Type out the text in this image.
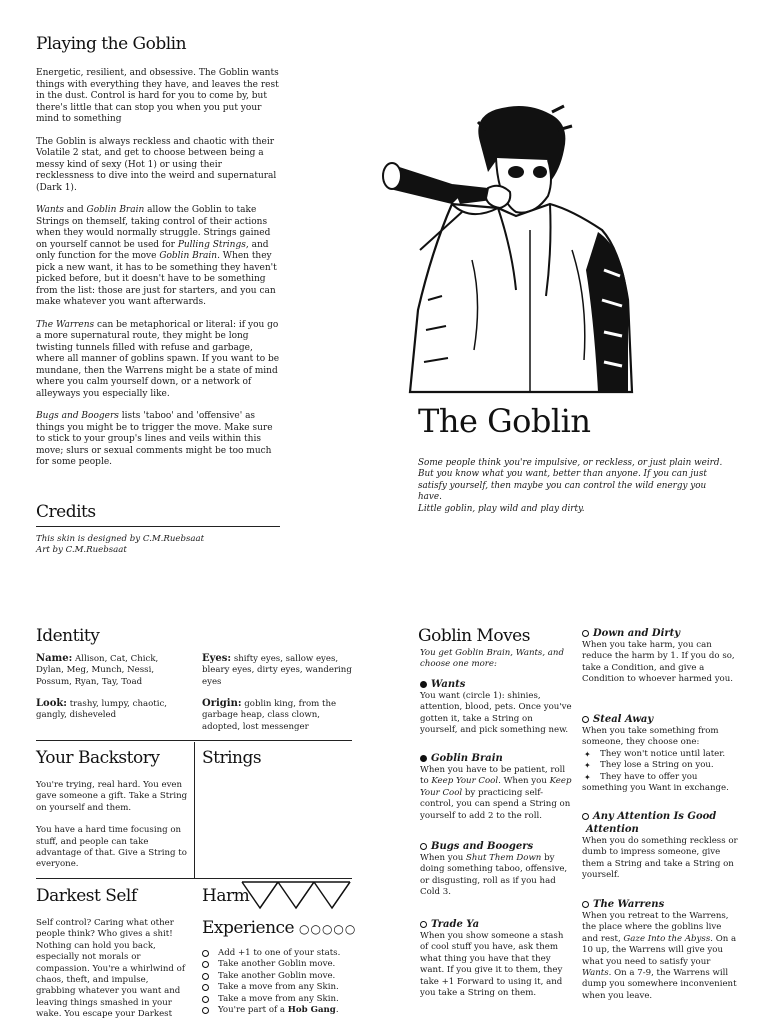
Playing the Goblin

Energetic, resilient, and obsessive. The Goblin wants things with everything they have, and leaves the rest in the dust. Control is hard for you to come by, but there's little that can stop you when you put your mind to something

The Goblin is always reckless and chaotic with their Volatile 2 stat, and get to choose between being a messy kind of sexy (Hot 1) or using their recklessness to dive into the weird and supernatural (Dark 1).

Wants and Goblin Brain allow the Goblin to take Strings on themself, taking control of their actions when they would normally struggle. Strings gained on yourself cannot be used for Pulling Strings, and only function for the move Goblin Brain. When they pick a new want, it has to be something they haven't picked before, but it doesn't have to be something from the list: those are just for starters, and you can make whatever you want afterwards.

The Warrens can be metaphorical or literal: if you go a more supernatural route, they might be long twisting tunnels filled with refuse and garbage, where all manner of goblins spawn. If you want to be mundane, then the Warrens might be a state of mind where you calm yourself down, or a network of alleyways you especially like.

Bugs and Boogers lists 'taboo' and 'offensive' as things you might be to trigger the move. Make sure to stick to your group's lines and veils within this move; slurs or sexual comments might be too much for some people.

Credits

This skin is designed by C.M.Ruebsaat

Art by C.M.Ruebsaat

The Goblin
Some people think you're impulsive, or reckless, or just plain weird. But you know what you want, better than anyone. If you can just satisfy yourself, then maybe you can control the wild energy you have.
Little goblin, play wild and play dirty.
Identity
Name: Allison, Cat, Chick, Dylan, Meg, Munch, Nessi, Possum, Ryan, Tay, Toad
Eyes: shifty eyes, sallow eyes, bleary eyes, dirty eyes, wandering eyes
Look: trashy, lumpy, chaotic, gangly, disheveled
Origin: goblin king, from the garbage heap, class clown, adopted, lost messenger
Your Backstory

You're trying, real hard. You even gave someone a gift. Take a String on yourself and them.

You have a hard time focusing on stuff, and people can take advantage of that. Give a String to everyone.

Strings
Darkest Self
Self control? Caring what other people think? Who gives a shit! Nothing can hold you back, especially not morals or compassion. You're a whirlwind of chaos, theft, and impulse, grabbing whatever you want and leaving things smashed in your wake. You escape your Darkest
Harm
Experience ○○○○○
Add +1 to one of your stats.
Take another Goblin move.
Take another Goblin move.
Take a move from any Skin.
Take a move from any Skin.
You're part of a Hob Gang.
Goblin Moves
You get Goblin Brain, Wants, and choose one more:
Wants
You want (circle 1): shinies, attention, blood, pets. Once you've gotten it, take a String on yourself, and pick something new.
Goblin Brain
When you have to be patient, roll to Keep Your Cool. When you Keep Your Cool by practicing self-control, you can spend a String on yourself to add 2 to the roll.
Bugs and Boogers
When you Shut Them Down by doing something taboo, offensive, or disgusting, roll as if you had Cold 3.
Trade Ya
When you show someone a stash of cool stuff you have, ask them what thing you have that they want. If you give it to them, they take +1 Forward to using it, and you take a String on them.
Down and Dirty
When you take harm, you can reduce the harm by 1. If you do so, take a Condition, and give a Condition to whoever harmed you.
Steal Away
When you take something from someone, they choose one:
✦ They won't notice until later.
✦ They lose a String on you.
✦ They have to offer you
something you Want in exchange.
Any Attention Is Good
Attention
When you do something reckless or dumb to impress someone, give them a String and take a String on yourself.
The Warrens
When you retreat to the Warrens, the place where the goblins live and rest, Gaze Into the Abyss. On a 10 up, the Warrens will give you what you need to satisfy your Wants. On a 7-9, the Warrens will dump you somewhere inconvenient when you leave.
